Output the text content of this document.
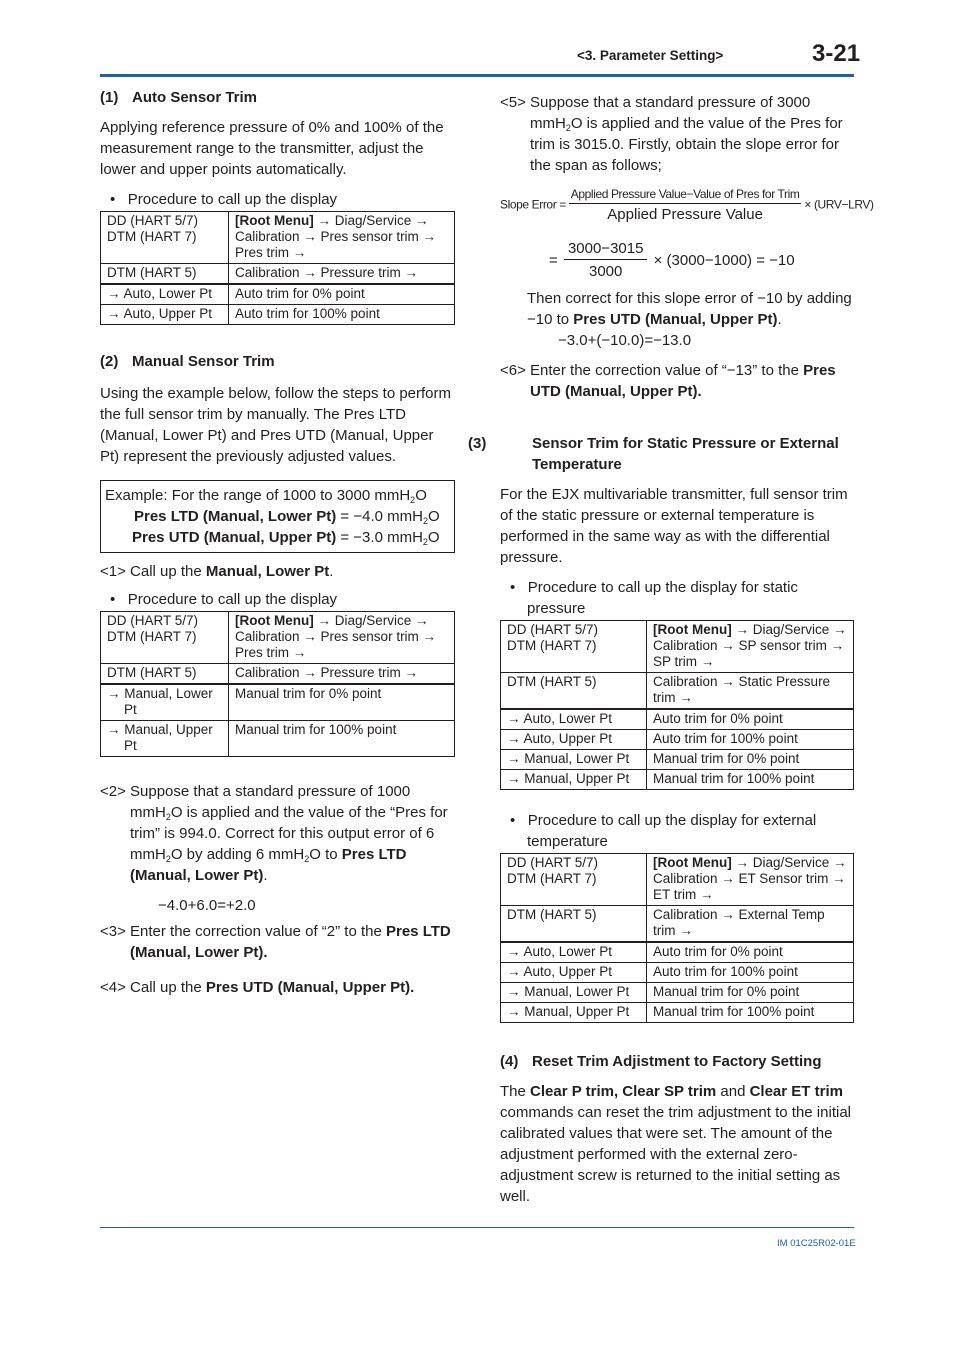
<3. Parameter Setting>	3-21

(1) Auto Sensor Trim

Applying reference pressure of 0% and 100% of the measurement range to the transmitter, adjust the lower and upper points automatically.

•   Procedure to call up the display

DD (HART 5/7)
DTM (HART 7)	[Root Menu] → Diag/Service → Calibration → Pres sensor trim → Pres trim →
DTM (HART 5)	Calibration → Pressure trim →
→ Auto, Lower Pt	Auto trim for 0% point
→ Auto, Upper Pt	Auto trim for 100% point

(2) Manual Sensor Trim

Using the example below, follow the steps to perform the full sensor trim by manually. The Pres LTD (Manual, Lower Pt) and Pres UTD (Manual, Upper Pt) represent the previously adjusted values.

Example: For the range of 1000 to 3000 mmH$_2$O
Pres LTD (Manual, Lower Pt) = −4.0 mmH$_2$O
Pres UTD (Manual, Upper Pt) = −3.0 mmH$_2$O

<1> Call up the Manual, Lower Pt.

•   Procedure to call up the display

DD (HART 5/7)
DTM (HART 7)	[Root Menu] → Diag/Service → Calibration → Pres sensor trim → Pres trim →
DTM (HART 5)	Calibration → Pressure trim →

→ Manual, Lower Pt	Manual trim for 0% point

→ Manual, Upper Pt	Manual trim for 100% point

<2> Suppose that a standard pressure of 1000 mmH$_2$O is applied and the value of the “Pres for trim” is 994.0. Correct for this output error of 6 mmH$_2$O by adding 6 mmH$_2$O to Pres LTD (Manual, Lower Pt).

−4.0+6.0=+2.0

<3> Enter the correction value of “2” to the Pres LTD (Manual, Lower Pt).

<4> Call up the Pres UTD (Manual, Upper Pt).

<5> Suppose that a standard pressure of 3000 mmH$_2$O is applied and the value of the Pres for trim is 3015.0. Firstly, obtain the slope error for the span as follows;

Slope Error = $\frac{\text{Applied Pressure Value−Value of Pres for Trim}}{\text{Applied Pressure Value}} \times (URV-LRV)$
= $\frac{3000-3015}{3000} \times (3000-1000) = -10$

Then correct for this slope error of −10 by adding −10 to Pres UTD (Manual, Upper Pt).

−3.0+(−10.0)=−13.0

<6> Enter the correction value of “−13” to the Pres UTD (Manual, Upper Pt).

(3)	Sensor Trim for Static Pressure or External Temperature

For the EJX multivariable transmitter, full sensor trim of the static pressure or external temperature is performed in the same way as with the differential pressure.

•   Procedure to call up the display for static pressure

DD (HART 5/7)
DTM (HART 7)	[Root Menu] → Diag/Service → Calibration → SP sensor trim → SP trim →
DTM (HART 5)	Calibration → Static Pressure trim →
→ Auto, Lower Pt	Auto trim for 0% point
→ Auto, Upper Pt	Auto trim for 100% point
→ Manual, Lower Pt	Manual trim for 0% point
→ Manual, Upper Pt	Manual trim for 100% point

•   Procedure to call up the display for external temperature

DD (HART 5/7)
DTM (HART 7)	[Root Menu] → Diag/Service → Calibration → ET Sensor trim → ET trim →
DTM (HART 5)	Calibration → External Temp trim →
→ Auto, Lower Pt	Auto trim for 0% point
→ Auto, Upper Pt	Auto trim for 100% point
→ Manual, Lower Pt	Manual trim for 0% point
→ Manual, Upper Pt	Manual trim for 100% point

(4) Reset Trim Adjistment to Factory Setting

The Clear P trim, Clear SP trim and Clear ET trim commands can reset the trim adjustment to the initial calibrated values that were set. The amount of the adjustment performed with the external zero-adjustment screw is returned to the initial setting as well.

IM 01C25R02-01E
